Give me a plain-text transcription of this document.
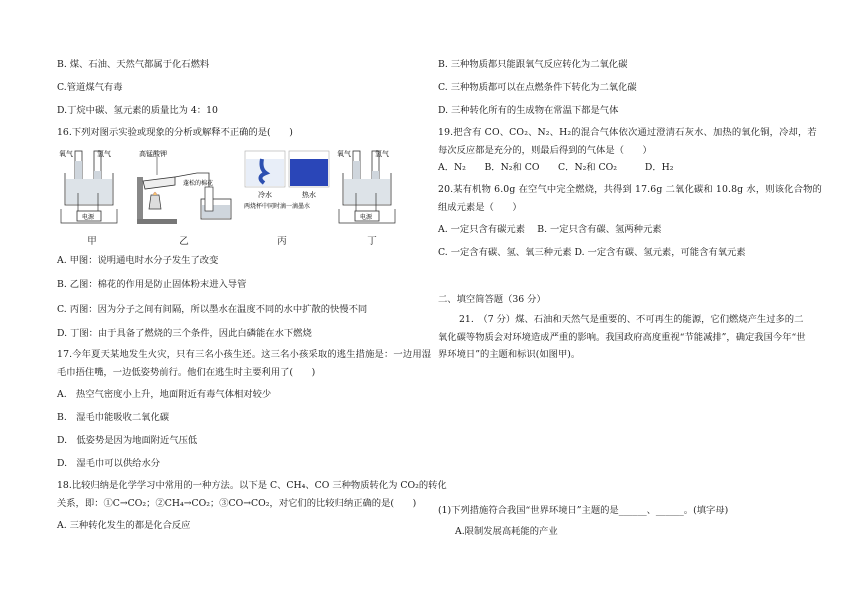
B. 煤、石油、天然气都属于化石燃料
C.管道煤气有毒
D.丁烷中碳、氢元素的质量比为 4：10
16.下列对图示实验或现象的分析或解释不正确的是(　　)
氧气	氢气
电源
高锰酸钾
蓬松的棉花
冷水	热水
两烧杯中同时滴一滴墨水
氧气	氢气
电源
甲	乙	丙	丁
A. 甲图：说明通电时水分子发生了改变
B. 乙图：棉花的作用是防止固体粉末进入导管
C. 丙图：因为分子之间有间隔，所以墨水在温度不同的水中扩散的快慢不同
D. 丁图：由于具备了燃烧的三个条件，因此白磷能在水下燃烧
17.今年夏天某地发生火灾，只有三名小孩生还。这三名小孩采取的逃生措施是：一边用湿
毛巾捂住嘴，一边低姿势前行。他们在逃生时主要利用了(　　)
A.　热空气密度小上升，地面附近有毒气体相对较少
B.　湿毛巾能吸收二氧化碳
D.　低姿势是因为地面附近气压低
D.　湿毛巾可以供给水分
18.比较归纳是化学学习中常用的一种方法。以下是 C、CH₄、CO 三种物质转化为 CO₂的转化
关系，即：①C→CO₂；②CH₄→CO₂；③CO→CO₂，对它们的比较归纳正确的是(　　)
A. 三种转化发生的都是化合反应
B. 三种物质都只能跟氧气反应转化为二氧化碳
C. 三种物质都可以在点燃条件下转化为二氧化碳
D. 三种转化所有的生成物在常温下都是气体
19.把含有 CO、CO₂、N₂、H₂的混合气体依次通过澄清石灰水、加热的氧化铜，冷却，若
每次反应都是充分的，则最后得到的气体是（　　）
A．N₂　　B．N₂和 CO　　C．N₂和 CO₂　　　D．H₂
20.某有机物 6.0g 在空气中完全燃烧，共得到 17.6g 二氧化碳和 10.8g 水，则该化合物的
组成元素是（　　）
A. 一定只含有碳元素　 B. 一定只含有碳、氢两种元素
C. 一定含有碳、氢、氧三种元素 D. 一定含有碳、氢元素，可能含有氧元素
二、填空简答题（36 分）
21.　（7 分）煤、石油和天然气是重要的、不可再生的能源，它们燃烧产生过多的二
氧化碳等物质会对环境造成严重的影响。我国政府高度重视“节能减排”，确定我国今年“世
界环境日”的主题和标识(如图甲)。
(1)下列措施符合我国“世界环境日”主题的是______、______。(填字母)
A.限制发展高耗能的产业
